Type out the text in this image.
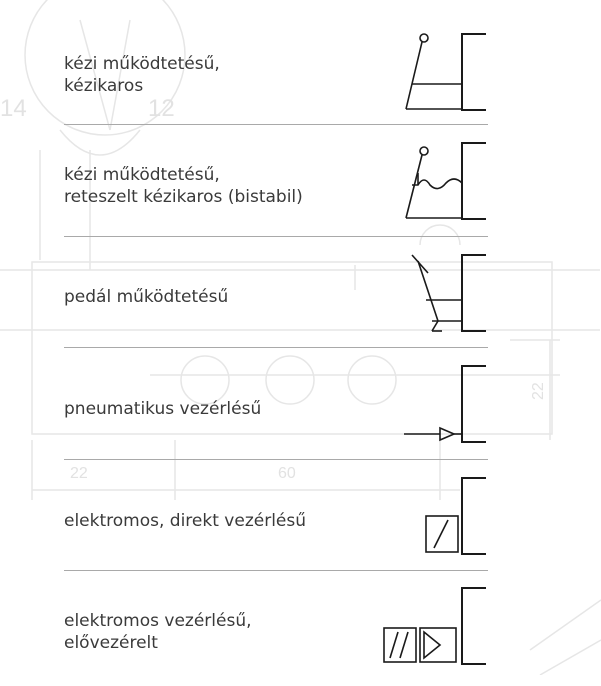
14	12
22
60
22
kézi működtetésű,
kézikaros
kézi működtetésű,
reteszelt kézikaros (bistabil)
pedál működtetésű
pneumatikus vezérlésű
elektromos, direkt vezérlésű
elektromos vezérlésű,
elővezérelt
